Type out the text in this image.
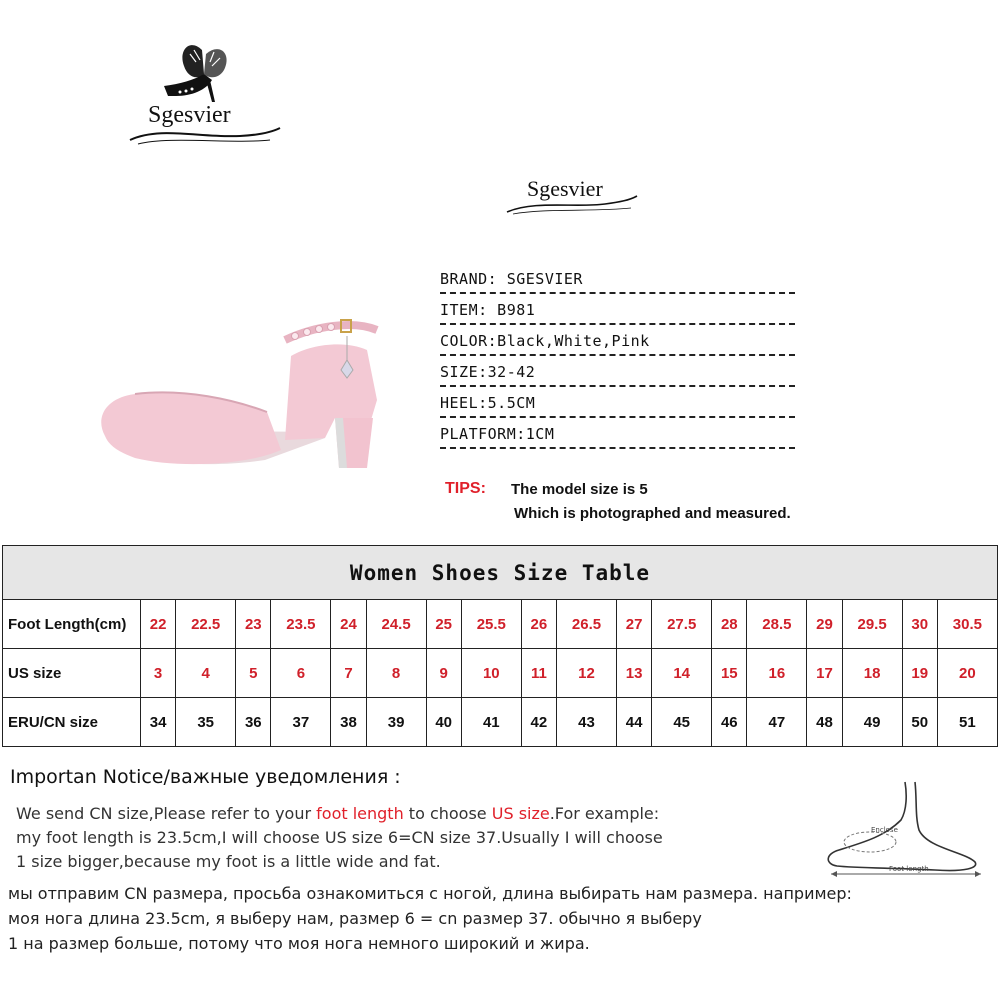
Sgesvier
Sgesvier
BRAND: SGESVIER
ITEM: B981
COLOR:Black,White,Pink
SIZE:32-42
HEEL:5.5CM
PLATFORM:1CM
TIPS: The model size is 5
Which is photographed and measured.
Women Shoes Size Table																		
Foot Length(cm)	22	22.5	23	23.5	24	24.5	25	25.5	26	26.5	27	27.5	28	28.5	29	29.5	30	30.5
US size	3	4	5	6	7	8	9	10	11	12	13	14	15	16	17	18	19	20
ERU/CN size	34	35	36	37	38	39	40	41	42	43	44	45	46	47	48	49	50	51
Importan Notice/важные уведомления :
We send CN size,Please refer to your foot length to choose US size.For example:
my foot length is 23.5cm,I will choose US size 6=CN size 37.Usually I will choose
1 size bigger,because my foot is a little wide and fat.
мы отправим CN размера, просьба ознакомиться с ногой, длина выбирать нам размера. например:
моя нога длина 23.5cm, я выберу нам, размер 6 = cn размер 37. обычно я выберу
1 на размер больше, потому что моя нога немного широкий и жира.
Enclose
Foot length
